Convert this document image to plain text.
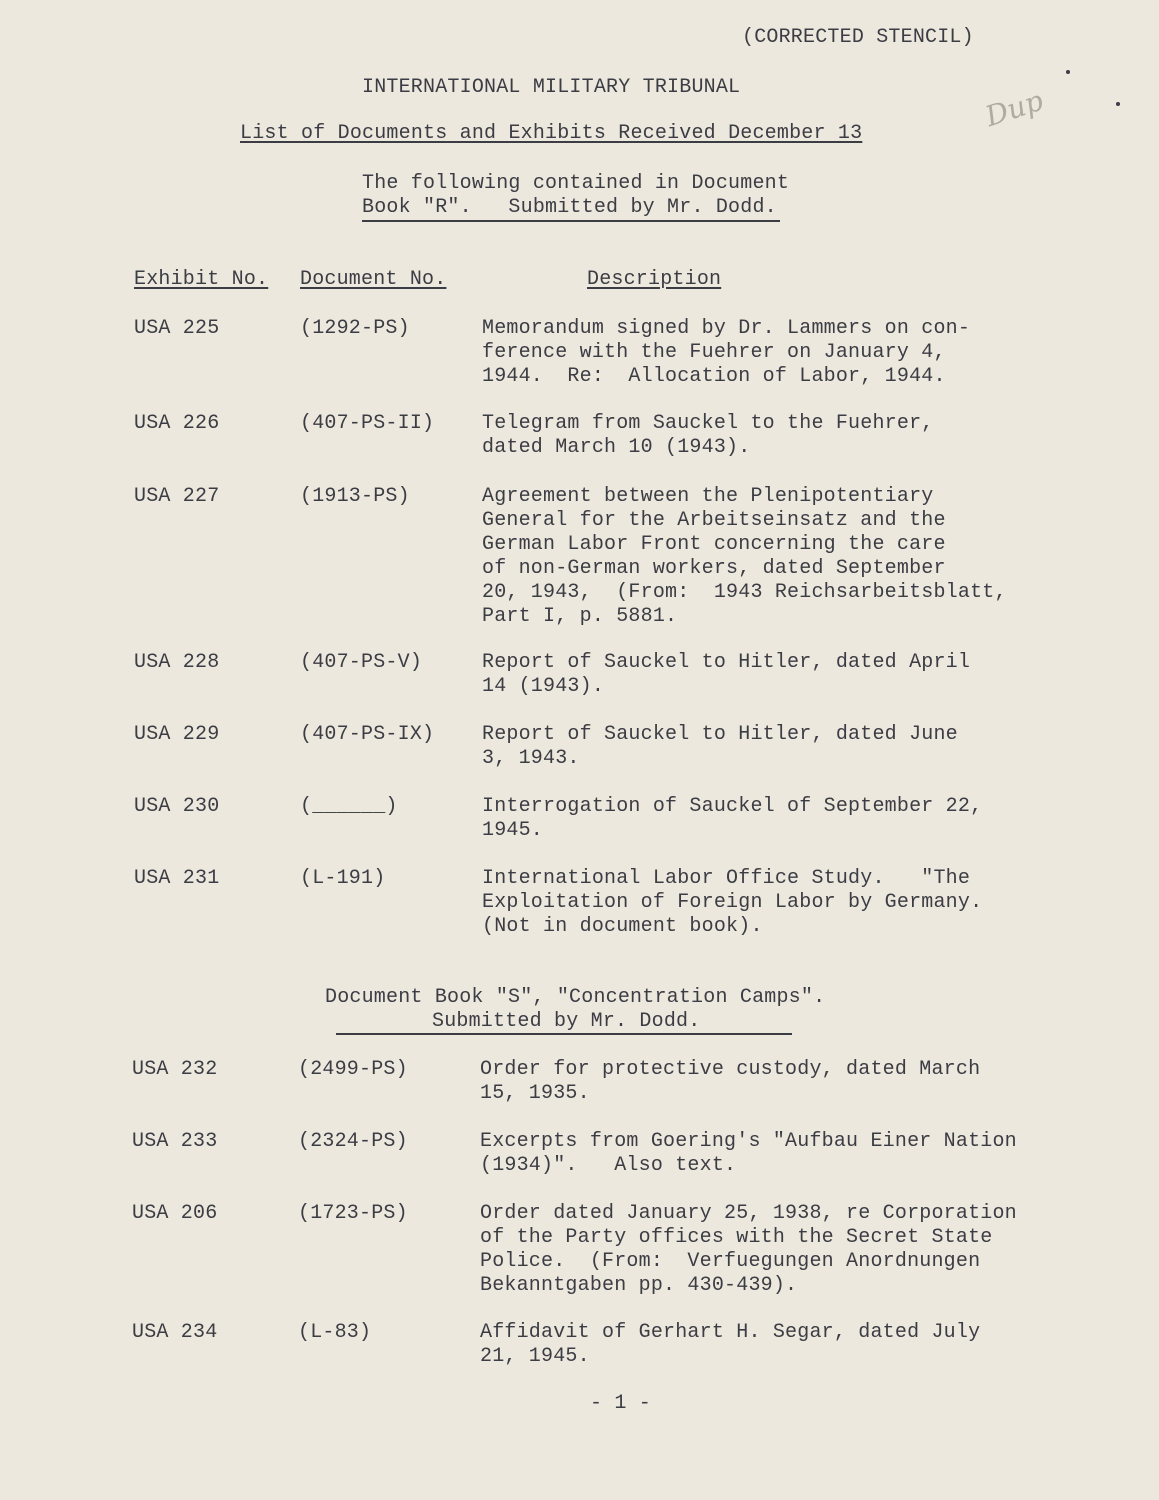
(CORRECTED STENCIL)
INTERNATIONAL MILITARY TRIBUNAL
List of Documents and Exhibits Received December 13
Dup
The following contained in Document
Book "R".   Submitted by Mr. Dodd.
Exhibit No. Document No.	Description
USA 225	(1292-PS)	Memorandum signed by Dr. Lammers on con-
ference with the Fuehrer on January 4,
1944.  Re:  Allocation of Labor, 1944.
USA 226	(407-PS-II) Telegram from Sauckel to the Fuehrer,
dated March 10 (1943).
USA 227	(1913-PS)	Agreement between the Plenipotentiary
General for the Arbeitseinsatz and the
German Labor Front concerning the care
of non-German workers, dated September
20, 1943,  (From:  1943 Reichsarbeitsblatt,
Part I, p. 5881.
USA 228	(407-PS-V)	Report of Sauckel to Hitler, dated April
14 (1943).
USA 229	(407-PS-IX) Report of Sauckel to Hitler, dated June
3, 1943.
USA 230	(______)	Interrogation of Sauckel of September 22,
1945.
USA 231	(L-191)	International Labor Office Study.   "The
Exploitation of Foreign Labor by Germany.
(Not in document book).
Document Book "S", "Concentration Camps".
Submitted by Mr. Dodd.
USA 232	(2499-PS)	Order for protective custody, dated March
15, 1935.
USA 233	(2324-PS)	Excerpts from Goering's "Aufbau Einer Nation
(1934)".   Also text.
USA 206	(1723-PS)	Order dated January 25, 1938, re Corporation
of the Party offices with the Secret State
Police.  (From:  Verfuegungen Anordnungen
Bekanntgaben pp. 430-439).
USA 234	(L-83)	Affidavit of Gerhart H. Segar, dated July
21, 1945.
- 1 -
